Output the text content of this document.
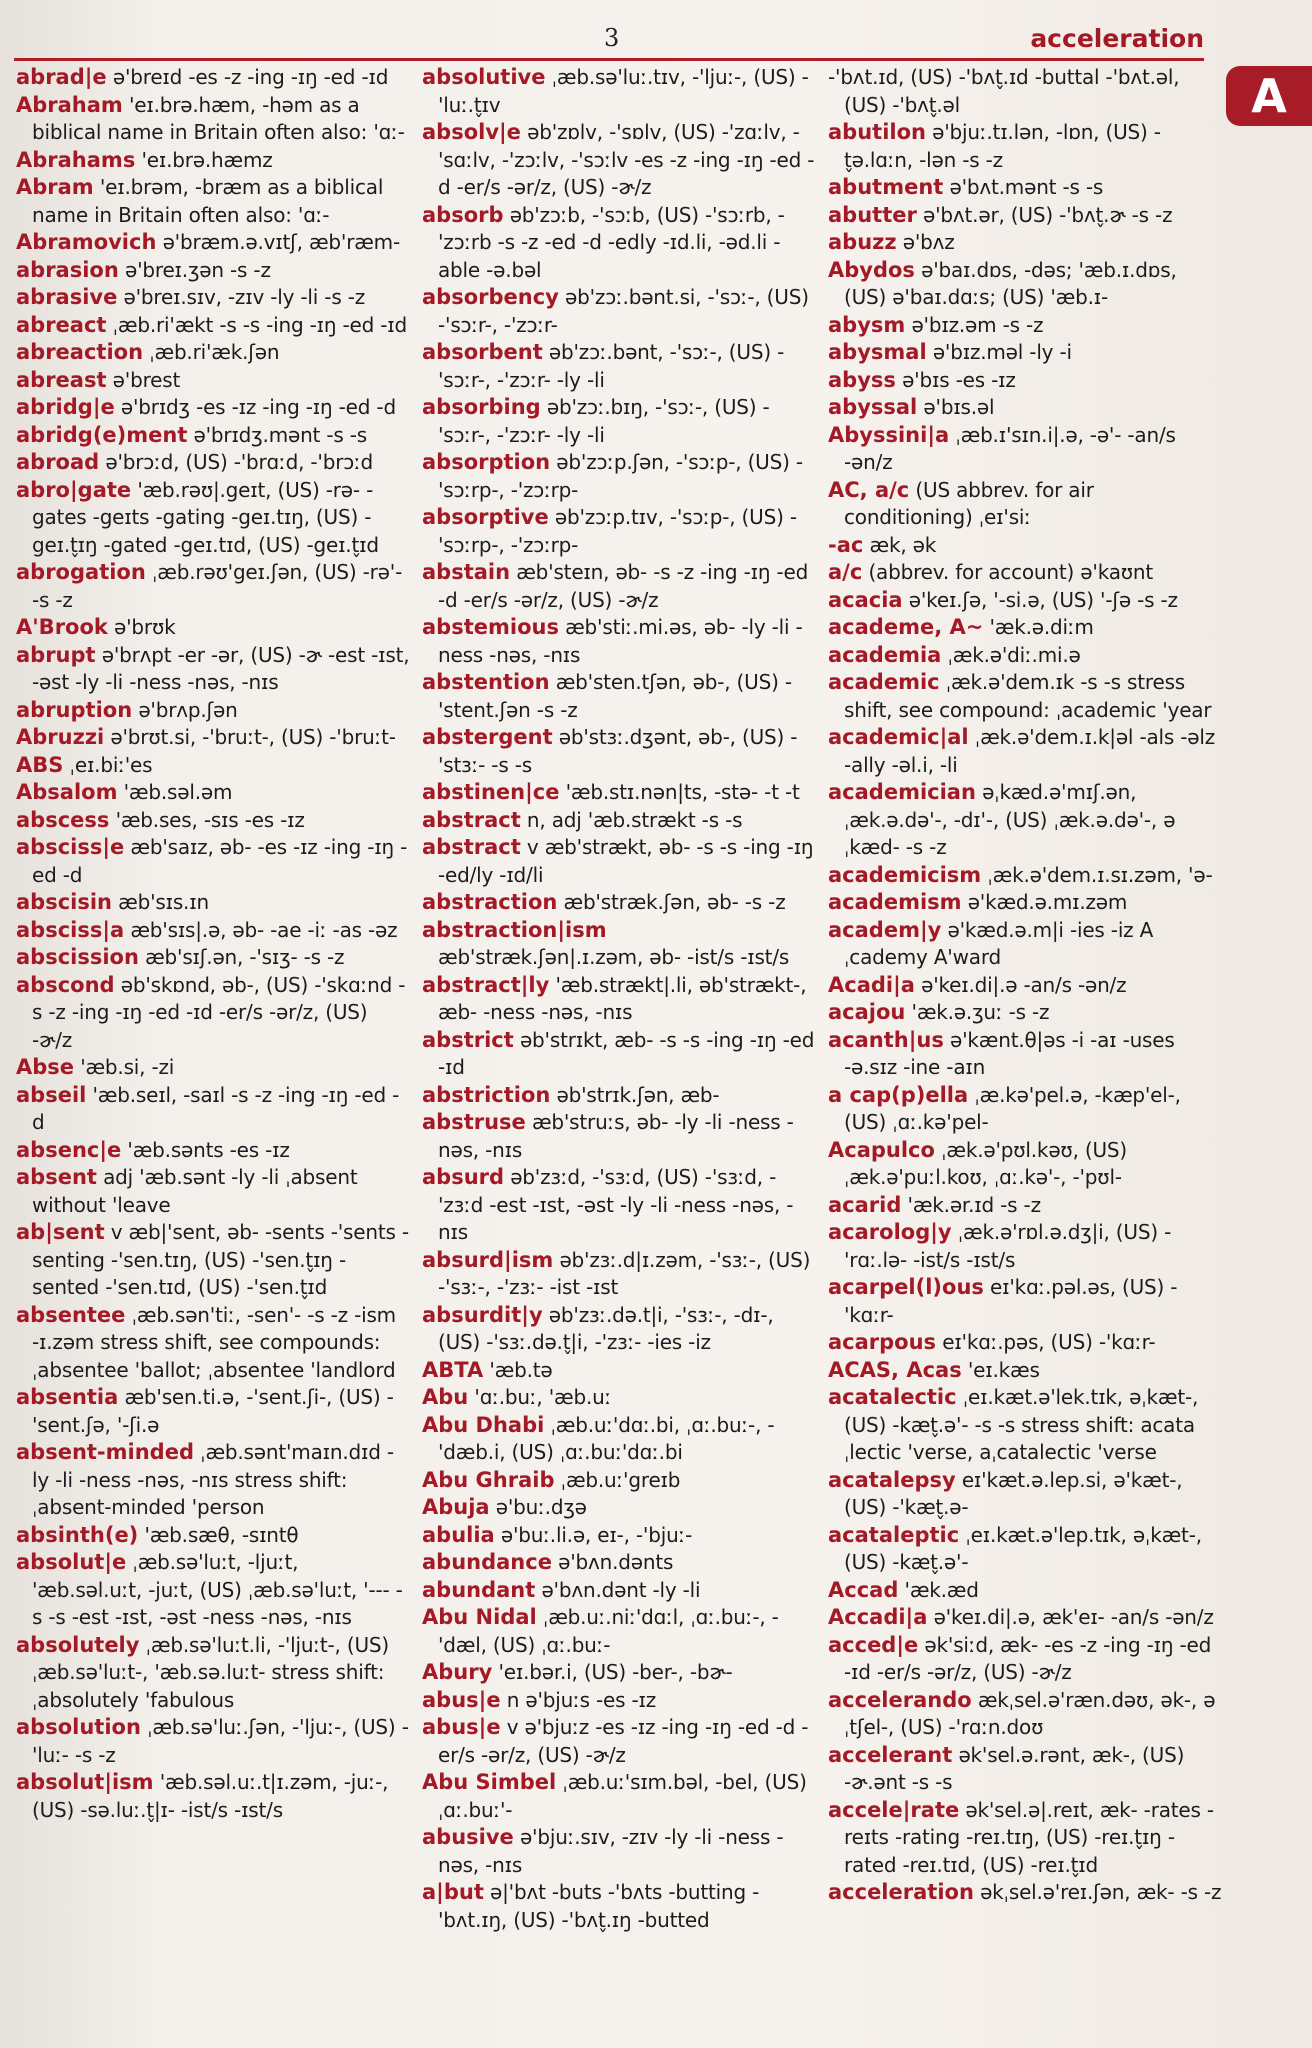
3	acceleration
A

abrad|e ə'breɪd -es -z -ing -ɪŋ -ed -ɪd

Abraham 'eɪ.brə.hæm, -həm as a biblical name in Britain often also: 'ɑː-

Abrahams 'eɪ.brə.hæmz

Abram 'eɪ.brəm, -bræm as a biblical name in Britain often also: 'ɑː-

Abramovich ə'bræm.ə.vɪtʃ, æb'ræm-

abrasion ə'breɪ.ʒən -s -z

abrasive ə'breɪ.sɪv, -zɪv -ly -li -s -z

abreact ˌæb.ri'ækt -s -s -ing -ɪŋ -ed -ɪd

abreaction ˌæb.ri'æk.ʃən

abreast ə'brest

abridg|e ə'brɪdʒ -es -ɪz -ing -ɪŋ -ed -d

abridg(e)ment ə'brɪdʒ.mənt -s -s

abroad ə'brɔːd, (US) -'brɑːd, -'brɔːd

abro|gate 'æb.rəʊ|.geɪt, (US) -rə- -gates -geɪts -gating -geɪ.tɪŋ, (US) -geɪ.t̬ɪŋ -gated -geɪ.tɪd, (US) -geɪ.t̬ɪd

abrogation ˌæb.rəʊ'geɪ.ʃən, (US) -rə'- -s -z

A'Brook ə'brʊk

abrupt ə'brʌpt -er -ər, (US) -ɚ -est -ɪst, -əst -ly -li -ness -nəs, -nɪs

abruption ə'brʌp.ʃən

Abruzzi ə'brʊt.si, -'bruːt-, (US) -'bruːt-

ABS ˌeɪ.biː'es

Absalom 'æb.səl.əm

abscess 'æb.ses, -sɪs -es -ɪz

absciss|e æb'saɪz, əb- -es -ɪz -ing -ɪŋ -ed -d

abscisin æb'sɪs.ɪn

absciss|a æb'sɪs|.ə, əb- -ae -iː -as -əz

abscission æb'sɪʃ.ən, -'sɪʒ- -s -z

abscond əb'skɒnd, əb-, (US) -'skɑːnd -s -z -ing -ɪŋ -ed -ɪd -er/s -ər/z, (US) -ɚ/z

Abse 'æb.si, -zi

abseil 'æb.seɪl, -saɪl -s -z -ing -ɪŋ -ed -d

absenc|e 'æb.sənts -es -ɪz

absent adj 'æb.sənt -ly -li ˌabsent without 'leave

ab|sent v æb|'sent, əb- -sents -'sents -senting -'sen.tɪŋ, (US) -'sen.t̬ɪŋ -sented -'sen.tɪd, (US) -'sen.t̬ɪd

absentee ˌæb.sən'tiː, -sen'- -s -z -ism -ɪ.zəm stress shift, see compounds: ˌabsentee 'ballot; ˌabsentee 'landlord

absentia æb'sen.ti.ə, -'sent.ʃi-, (US) -'sent.ʃə, '-ʃi.ə

absent-minded ˌæb.sənt'maɪn.dɪd -ly -li -ness -nəs, -nɪs stress shift: ˌabsent-minded 'person

absinth(e) 'æb.sæθ, -sɪntθ

absolut|e ˌæb.sə'luːt, -ljuːt, 'æb.səl.uːt, -juːt, (US) ˌæb.sə'luːt, '--- -s -s -est -ɪst, -əst -ness -nəs, -nɪs

absolutely ˌæb.sə'luːt.li, -'ljuːt-, (US) ˌæb.sə'luːt-, 'æb.sə.luːt- stress shift: ˌabsolutely 'fabulous

absolution ˌæb.sə'luː.ʃən, -'ljuː-, (US) -'luː- -s -z

absolut|ism 'æb.səl.uː.t|ɪ.zəm, -juː-, (US) -sə.luː.t̬|ɪ- -ist/s -ɪst/s

absolutive ˌæb.sə'luː.tɪv, -'ljuː-, (US) -'luː.t̬ɪv

absolv|e əb'zɒlv, -'sɒlv, (US) -'zɑːlv, -'sɑːlv, -'zɔːlv, -'sɔːlv -es -z -ing -ɪŋ -ed -d -er/s -ər/z, (US) -ɚ/z

absorb əb'zɔːb, -'sɔːb, (US) -'sɔːrb, -'zɔːrb -s -z -ed -d -edly -ɪd.li, -əd.li -able -ə.bəl

absorbency əb'zɔː.bənt.si, -'sɔː-, (US) -'sɔːr-, -'zɔːr-

absorbent əb'zɔː.bənt, -'sɔː-, (US) -'sɔːr-, -'zɔːr- -ly -li

absorbing əb'zɔː.bɪŋ, -'sɔː-, (US) -'sɔːr-, -'zɔːr- -ly -li

absorption əb'zɔːp.ʃən, -'sɔːp-, (US) -'sɔːrp-, -'zɔːrp-

absorptive əb'zɔːp.tɪv, -'sɔːp-, (US) -'sɔːrp-, -'zɔːrp-

abstain æb'steɪn, əb- -s -z -ing -ɪŋ -ed -d -er/s -ər/z, (US) -ɚ/z

abstemious æb'stiː.mi.əs, əb- -ly -li -ness -nəs, -nɪs

abstention æb'sten.tʃən, əb-, (US) -'stent.ʃən -s -z

abstergent əb'stɜː.dʒənt, əb-, (US) -'stɜː- -s -s

abstinen|ce 'æb.stɪ.nən|ts, -stə- -t -t

abstract n, adj 'æb.strækt -s -s

abstract v æb'strækt, əb- -s -s -ing -ɪŋ -ed/ly -ɪd/li

abstraction æb'stræk.ʃən, əb- -s -z

abstraction|ism æb'stræk.ʃən|.ɪ.zəm, əb- -ist/s -ɪst/s

abstract|ly 'æb.strækt|.li, əb'strækt-, æb- -ness -nəs, -nɪs

abstrict əb'strɪkt, æb- -s -s -ing -ɪŋ -ed -ɪd

abstriction əb'strɪk.ʃən, æb-

abstruse æb'struːs, əb- -ly -li -ness -nəs, -nɪs

absurd əb'zɜːd, -'sɜːd, (US) -'sɜːd, -'zɜːd -est -ɪst, -əst -ly -li -ness -nəs, -nɪs

absurd|ism əb'zɜː.d|ɪ.zəm, -'sɜː-, (US) -'sɜː-, -'zɜː- -ist -ɪst

absurdit|y əb'zɜː.də.t|i, -'sɜː-, -dɪ-, (US) -'sɜː.də.t̬|i, -'zɜː- -ies -iz

ABTA 'æb.tə

Abu 'ɑː.buː, 'æb.uː

Abu Dhabi ˌæb.uː'dɑː.bi, ˌɑː.buː-, -'dæb.i, (US) ˌɑː.buː'dɑː.bi

Abu Ghraib ˌæb.uː'greɪb

Abuja ə'buː.dʒə

abulia ə'buː.li.ə, eɪ-, -'bjuː-

abundance ə'bʌn.dənts

abundant ə'bʌn.dənt -ly -li

Abu Nidal ˌæb.uː.niː'dɑːl, ˌɑː.buː-, -'dæl, (US) ˌɑː.buː-

Abury 'eɪ.bər.i, (US) -ber-, -bɚ-

abus|e n ə'bjuːs -es -ɪz

abus|e v ə'bjuːz -es -ɪz -ing -ɪŋ -ed -d -er/s -ər/z, (US) -ɚ/z

Abu Simbel ˌæb.uː'sɪm.bəl, -bel, (US) ˌɑː.buː'-

abusive ə'bjuː.sɪv, -zɪv -ly -li -ness -nəs, -nɪs

a|but ə|'bʌt -buts -'bʌts -butting -'bʌt.ɪŋ, (US) -'bʌt̬.ɪŋ -butted

-'bʌt.ɪd, (US) -'bʌt̬.ɪd -buttal -'bʌt.əl, (US) -'bʌt̬.əl

abutilon ə'bjuː.tɪ.lən, -lɒn, (US) -t̬ə.lɑːn, -lən -s -z

abutment ə'bʌt.mənt -s -s

abutter ə'bʌt.ər, (US) -'bʌt̬.ɚ -s -z

abuzz ə'bʌz

Abydos ə'baɪ.dɒs, -dəs; 'æb.ɪ.dɒs, (US) ə'baɪ.dɑːs; (US) 'æb.ɪ-

abysm ə'bɪz.əm -s -z

abysmal ə'bɪz.məl -ly -i

abyss ə'bɪs -es -ɪz

abyssal ə'bɪs.əl

Abyssini|a ˌæb.ɪ'sɪn.i|.ə, -ə'- -an/s -ən/z

AC, a/c (US abbrev. for air conditioning) ˌeɪ'siː

-ac æk, ək

a/c (abbrev. for account) ə'kaʊnt

acacia ə'keɪ.ʃə, '-si.ə, (US) '-ʃə -s -z

academe, A~ 'æk.ə.diːm

academia ˌæk.ə'diː.mi.ə

academic ˌæk.ə'dem.ɪk -s -s stress shift, see compound: ˌacademic 'year

academic|al ˌæk.ə'dem.ɪ.k|əl -als -əlz -ally -əl.i, -li

academician əˌkæd.ə'mɪʃ.ən, ˌæk.ə.də'-, -dɪ'-, (US) ˌæk.ə.də'-, əˌkæd- -s -z

academicism ˌæk.ə'dem.ɪ.sɪ.zəm, 'ə-

academism ə'kæd.ə.mɪ.zəm

academ|y ə'kæd.ə.m|i -ies -iz Aˌcademy A'ward

Acadi|a ə'keɪ.di|.ə -an/s -ən/z

acajou 'æk.ə.ʒuː -s -z

acanth|us ə'kænt.θ|əs -i -aɪ -uses -ə.sɪz -ine -aɪn

a cap(p)ella ˌæ.kə'pel.ə, -kæp'el-, (US) ˌɑː.kə'pel-

Acapulco ˌæk.ə'pʊl.kəʊ, (US) ˌæk.ə'puːl.koʊ, ˌɑː.kə'-, -'pʊl-

acarid 'æk.ər.ɪd -s -z

acarolog|y ˌæk.ə'rɒl.ə.dʒ|i, (US) -'rɑː.lə- -ist/s -ɪst/s

acarpel(l)ous eɪ'kɑː.pəl.əs, (US) -'kɑːr-

acarpous eɪ'kɑː.pəs, (US) -'kɑːr-

ACAS, Acas 'eɪ.kæs

acatalectic ˌeɪ.kæt.ə'lek.tɪk, əˌkæt-, (US) -kæt̬.ə'- -s -s stress shift: acataˌlectic 'verse, aˌcatalectic 'verse

acatalepsy eɪ'kæt.ə.lep.si, ə'kæt-, (US) -'kæt̬.ə-

acataleptic ˌeɪ.kæt.ə'lep.tɪk, əˌkæt-, (US) -kæt̬.ə'-

Accad 'æk.æd

Accadi|a ə'keɪ.di|.ə, æk'eɪ- -an/s -ən/z

acced|e ək'siːd, æk- -es -z -ing -ɪŋ -ed -ɪd -er/s -ər/z, (US) -ɚ/z

accelerando ækˌsel.ə'ræn.dəʊ, ək-, əˌtʃel-, (US) -'rɑːn.doʊ

accelerant ək'sel.ə.rənt, æk-, (US) -ɚ.ənt -s -s

accele|rate ək'sel.ə|.reɪt, æk- -rates -reɪts -rating -reɪ.tɪŋ, (US) -reɪ.t̬ɪŋ -rated -reɪ.tɪd, (US) -reɪ.t̬ɪd

acceleration əkˌsel.ə'reɪ.ʃən, æk- -s -z
